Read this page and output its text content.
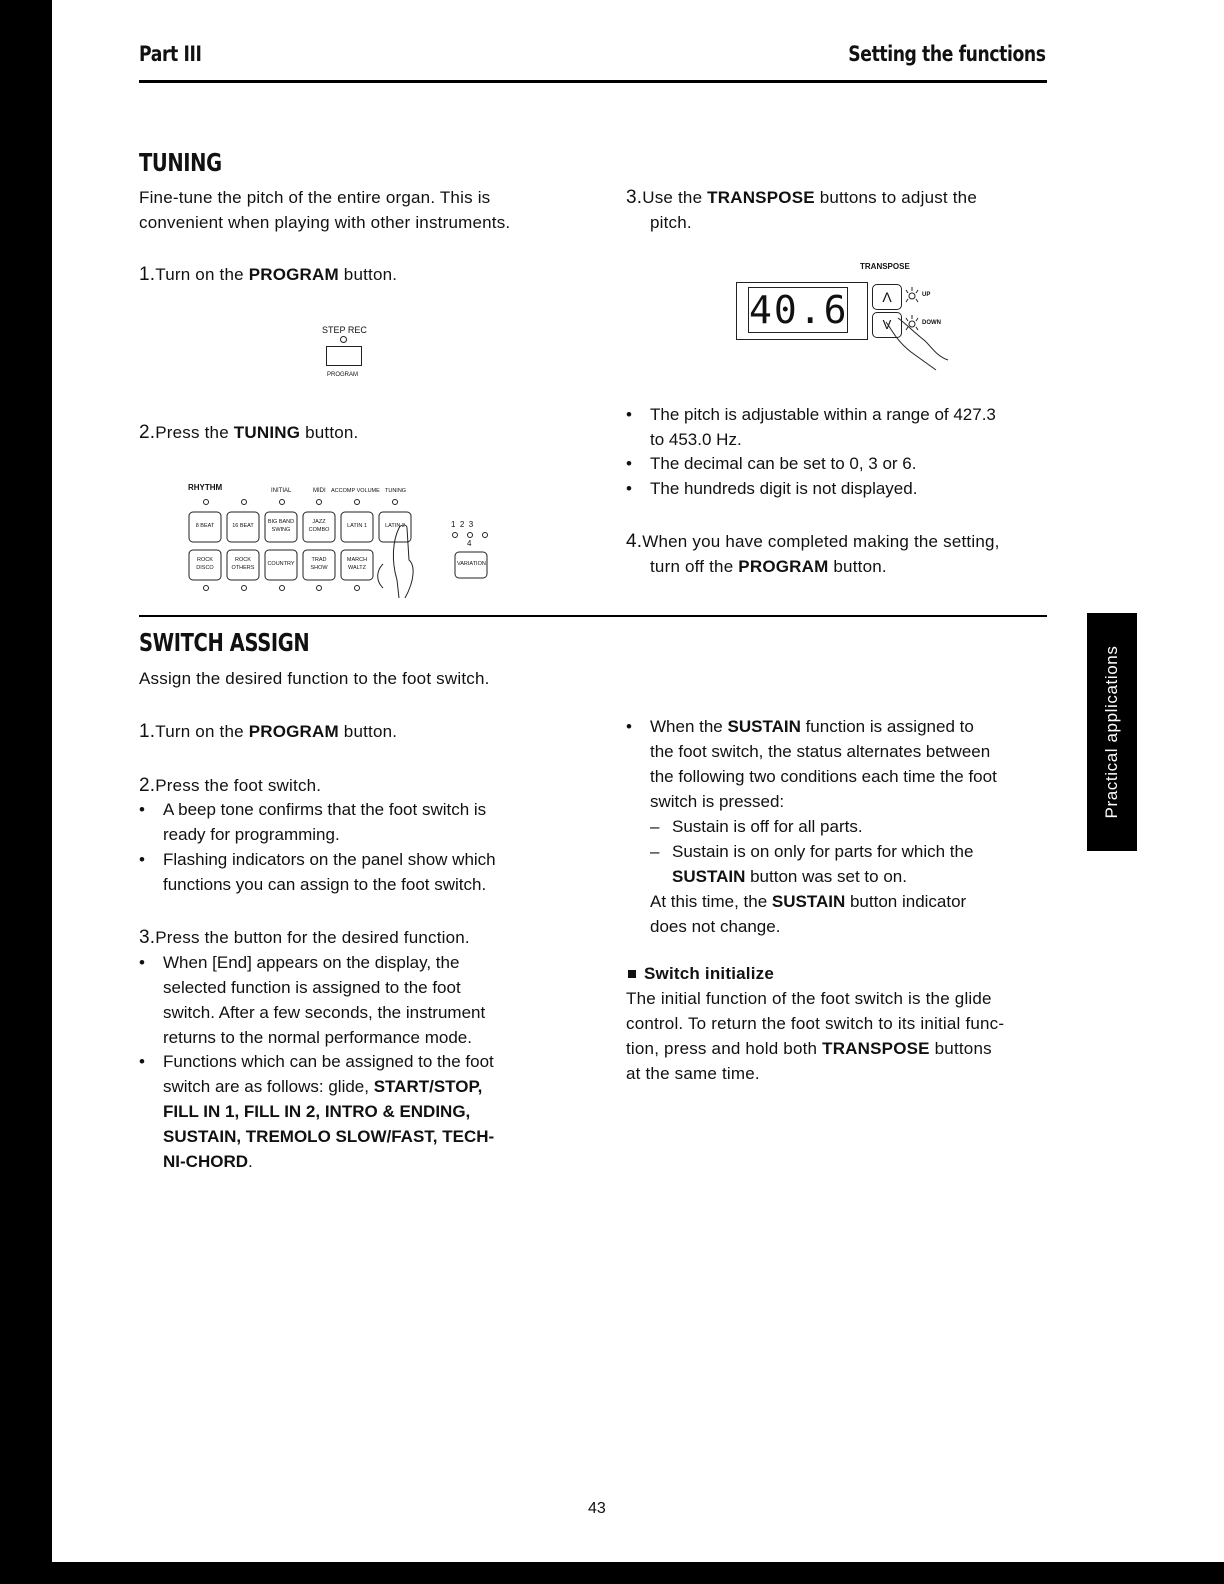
Part III	Setting the functions
TUNING
Fine-tune the pitch of the entire organ. This is
convenient when playing with other instruments.
1.Turn on the PROGRAM button.
STEP REC
PROGRAM
2.Press the TUNING button.
RHYTHM	INITIAL	MIDI ACCOMP VOLUME TUNING
8 BEAT	16 BEAT
BIG BAND SWING
JAZZ COMBO
LATIN 1	LATIN 2
ROCK DISCO
ROCK OTHERS
COUNTRY
TRAD SHOW
MARCH WALTZ
1  2  3
4
VARIATION
3.Use the TRANSPOSE buttons to adjust the
pitch.
TRANSPOSE
40.6	Λ
V
UP
DOWN
• The pitch is adjustable within a range of 427.3
to 453.0 Hz.
• The decimal can be set to 0, 3 or 6.
• The hundreds digit is not displayed.
4.When you have completed making the setting,
turn off the PROGRAM button.
Practical applications
SWITCH ASSIGN
Assign the desired function to the foot switch.
1.Turn on the PROGRAM button.
2.Press the foot switch.
• A beep tone confirms that the foot switch is
ready for programming.
• Flashing indicators on the panel show which
functions you can assign to the foot switch.
3.Press the button for the desired function.
• When [End] appears on the display, the
selected function is assigned to the foot
switch. After a few seconds, the instrument
returns to the normal performance mode.
• Functions which can be assigned to the foot
switch are as follows: glide, START/STOP,
FILL IN 1, FILL IN 2, INTRO & ENDING,
SUSTAIN, TREMOLO SLOW/FAST, TECH-
NI-CHORD.
• When the SUSTAIN function is assigned to
the foot switch, the status alternates between
the following two conditions each time the foot
switch is pressed:
– Sustain is off for all parts.
– Sustain is on only for parts for which the
SUSTAIN button was set to on.
At this time, the SUSTAIN button indicator
does not change.
Switch initialize
The initial function of the foot switch is the glide
control. To return the foot switch to its initial func-
tion, press and hold both TRANSPOSE buttons
at the same time.
43
